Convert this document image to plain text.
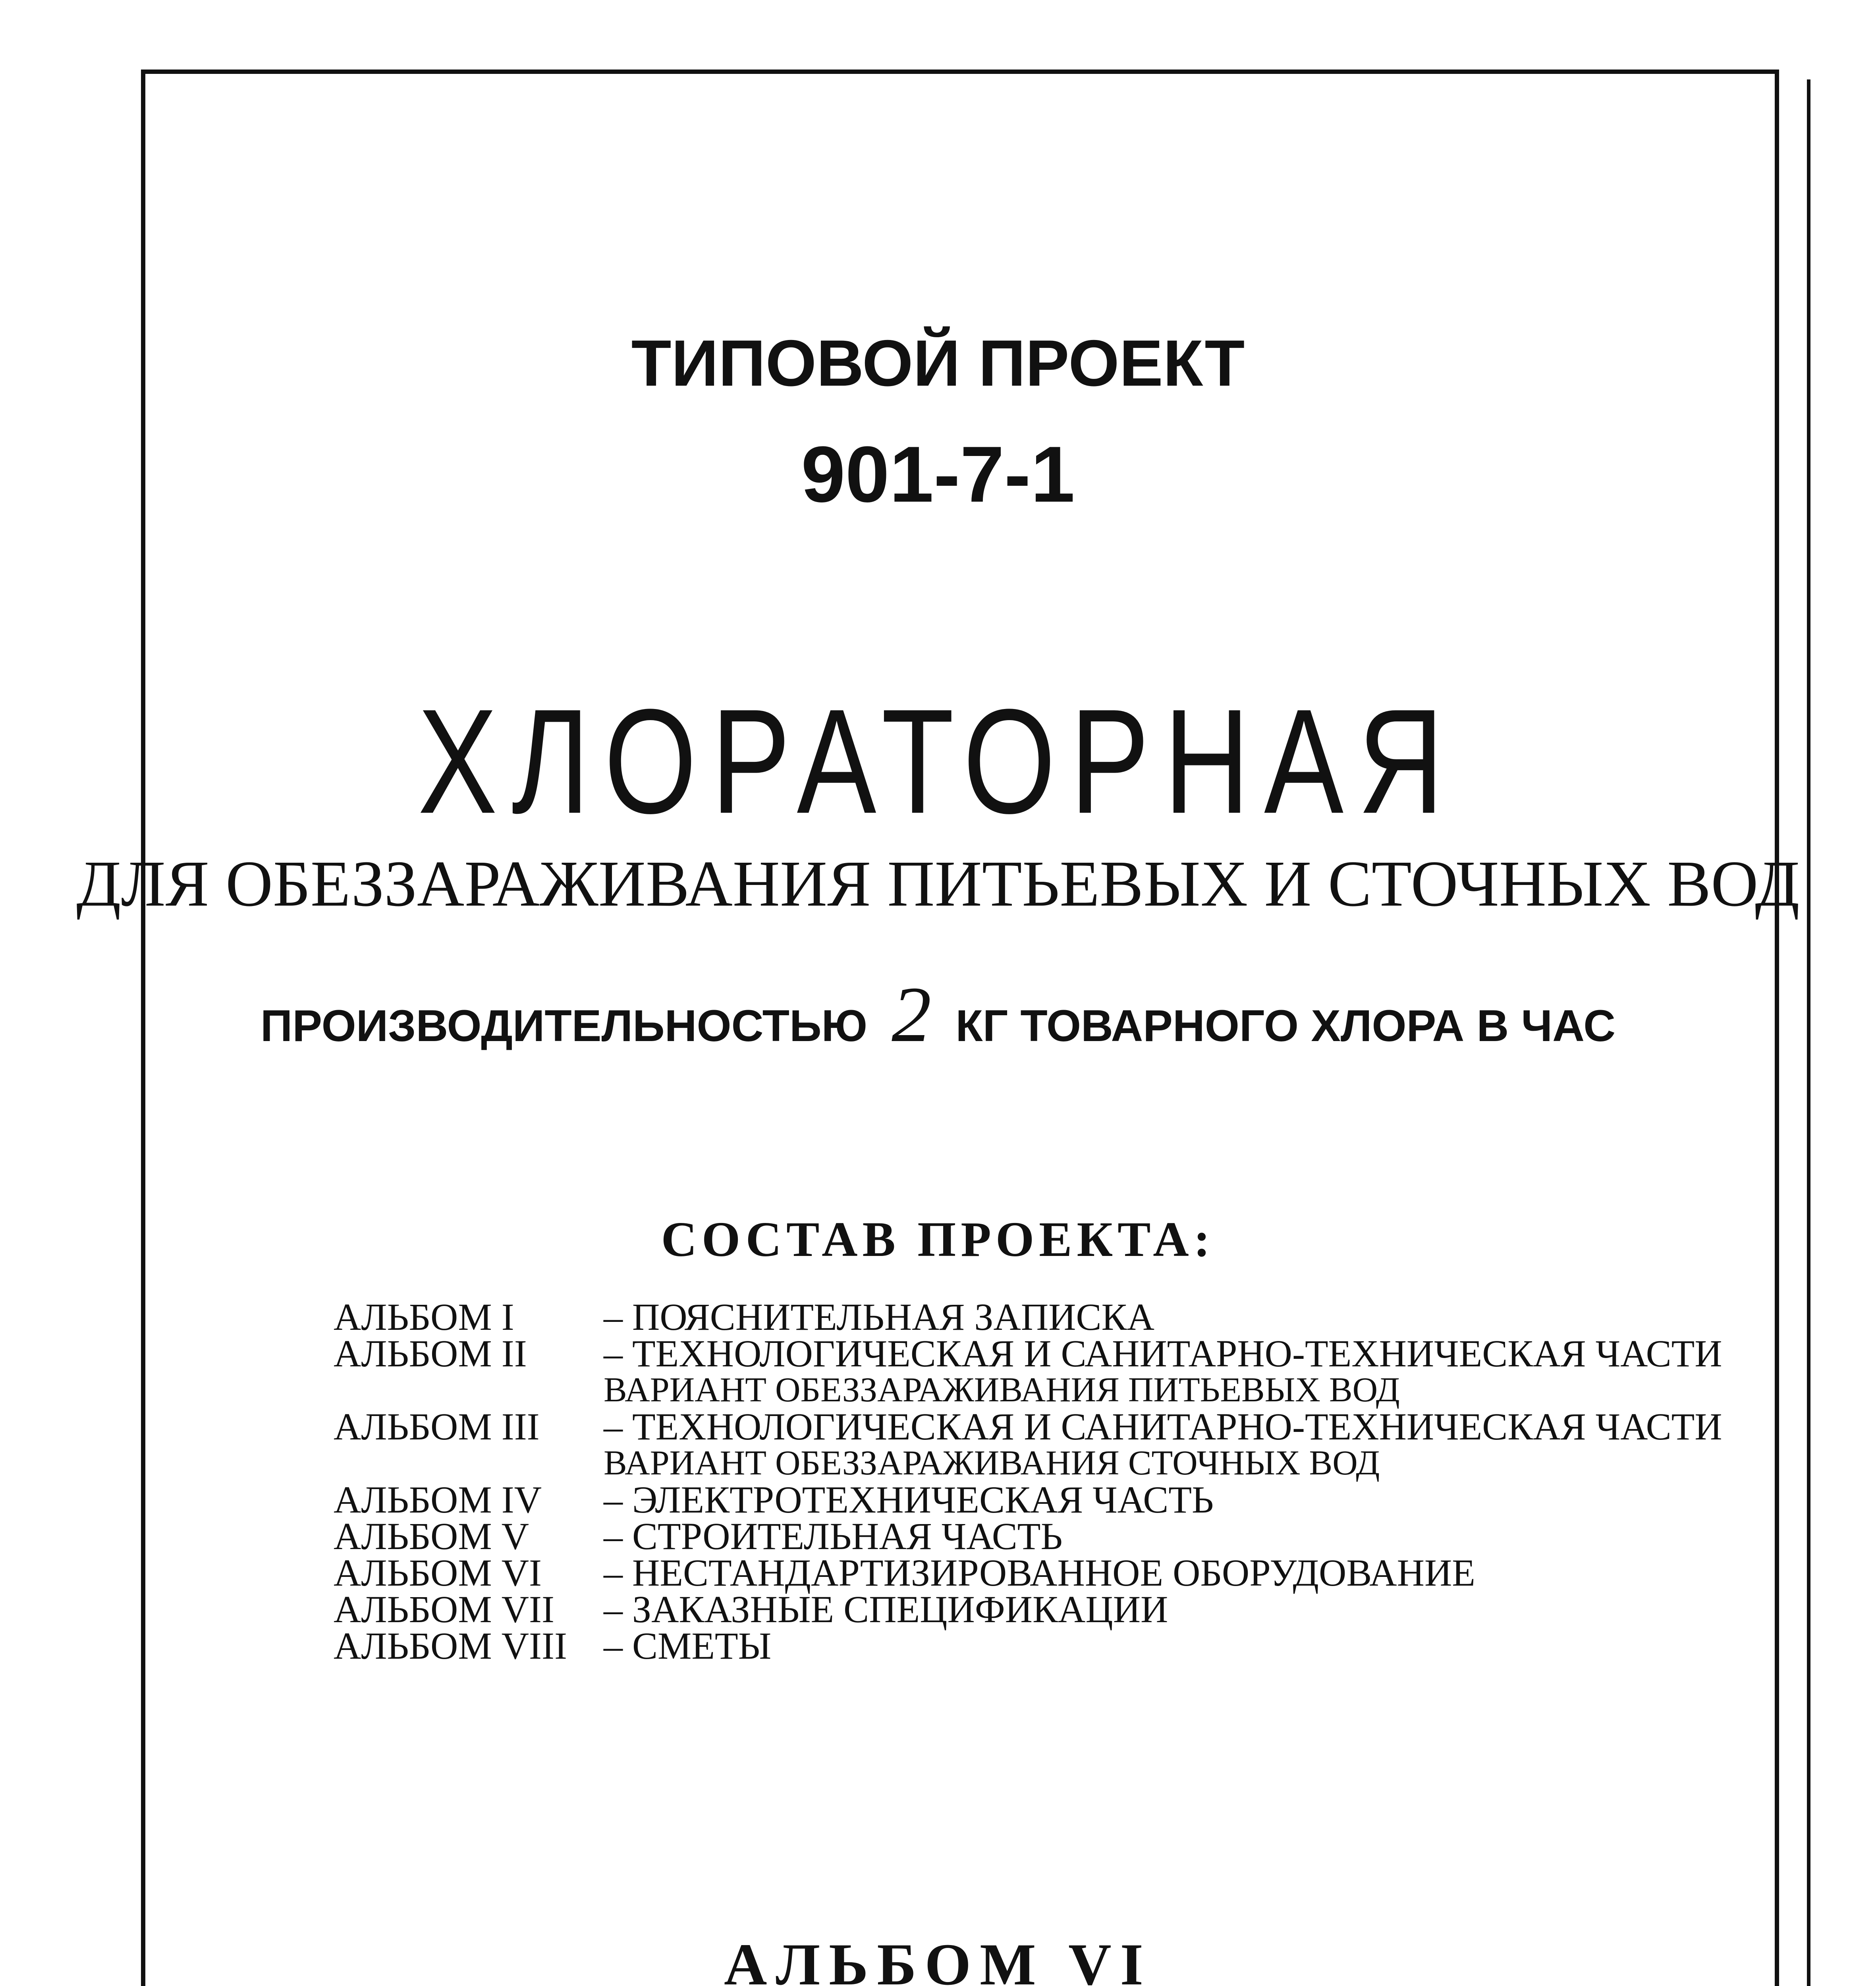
ТИПОВОЙ ПРОЕКТ
901-7-1
ХЛОРАТОРНАЯ
ДЛЯ ОБЕЗЗАРАЖИВАНИЯ ПИТЬЕВЫХ И СТОЧНЫХ ВОД
ПРОИЗВОДИТЕЛЬНОСТЬЮ 2 КГ ТОВАРНОГО ХЛОРА В ЧАС
СОСТАВ ПРОЕКТА:
АЛЬБОМ I – ПОЯСНИТЕЛЬНАЯ ЗАПИСКА
АЛЬБОМ II – ТЕХНОЛОГИЧЕСКАЯ И САНИТАРНО-ТЕХНИЧЕСКАЯ ЧАСТИ
ВАРИАНТ ОБЕЗЗАРАЖИВАНИЯ ПИТЬЕВЫХ ВОД
АЛЬБОМ III – ТЕХНОЛОГИЧЕСКАЯ И САНИТАРНО-ТЕХНИЧЕСКАЯ ЧАСТИ
ВАРИАНТ ОБЕЗЗАРАЖИВАНИЯ СТОЧНЫХ ВОД
АЛЬБОМ IV – ЭЛЕКТРОТЕХНИЧЕСКАЯ ЧАСТЬ
АЛЬБОМ V – СТРОИТЕЛЬНАЯ ЧАСТЬ
АЛЬБОМ VI – НЕСТАНДАРТИЗИРОВАННОЕ ОБОРУДОВАНИЕ
АЛЬБОМ VII – ЗАКАЗНЫЕ СПЕЦИФИКАЦИИ
АЛЬБОМ VIII – СМЕТЫ
АЛЬБОМ VI
